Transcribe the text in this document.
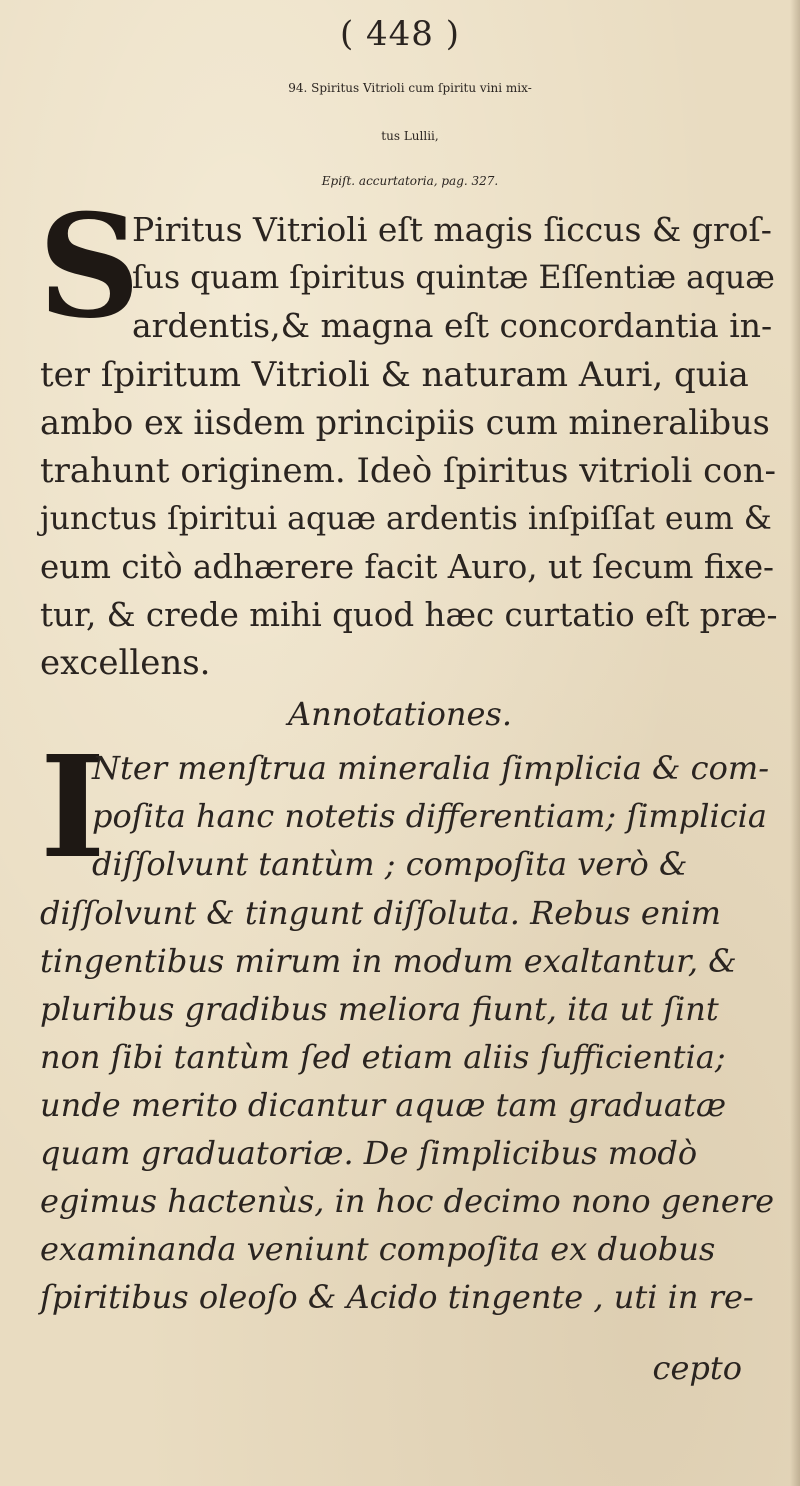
( 448 )
94. Spiritus Vitrioli cum ſpiritu vini mix-
tus Lullii,
Epiſt. accurtatoria, pag. 327.
S
Piritus Vitrioli eſt magis ſiccus & groſ-
ſus quam ſpiritus quintæ Eſſentiæ aquæ
ardentis,& magna eſt concordantia in-
ter ſpiritum Vitrioli & naturam Auri, quia
ambo ex iisdem principiis cum mineralibus
trahunt originem. Ideò ſpiritus vitrioli con-
junctus ſpiritui aquæ ardentis inſpiſſat eum &
eum citò adhærere facit Auro, ut ſecum fixe-
tur, & crede mihi quod hæc curtatio eſt præ-
excellens.
Annotationes.
I
Nter menſtrua mineralia ſimplicia & com-
poſita hanc notetis differentiam; ſimplicia
diſſolvunt tantùm ; compoſita verò &
diſſolvunt & tingunt diſſoluta. Rebus enim
tingentibus mirum in modum exaltantur, &
pluribus gradibus meliora fiunt, ita ut ſint
non ſibi tantùm ſed etiam aliis ſufficientia;
unde merito dicantur aquæ tam graduatæ
quam graduatoriæ. De ſimplicibus modò
egimus hactenùs, in hoc decimo nono genere
examinanda veniunt compoſita ex duobus
ſpiritibus oleoſo & Acido tingente , uti in re-
cepto
